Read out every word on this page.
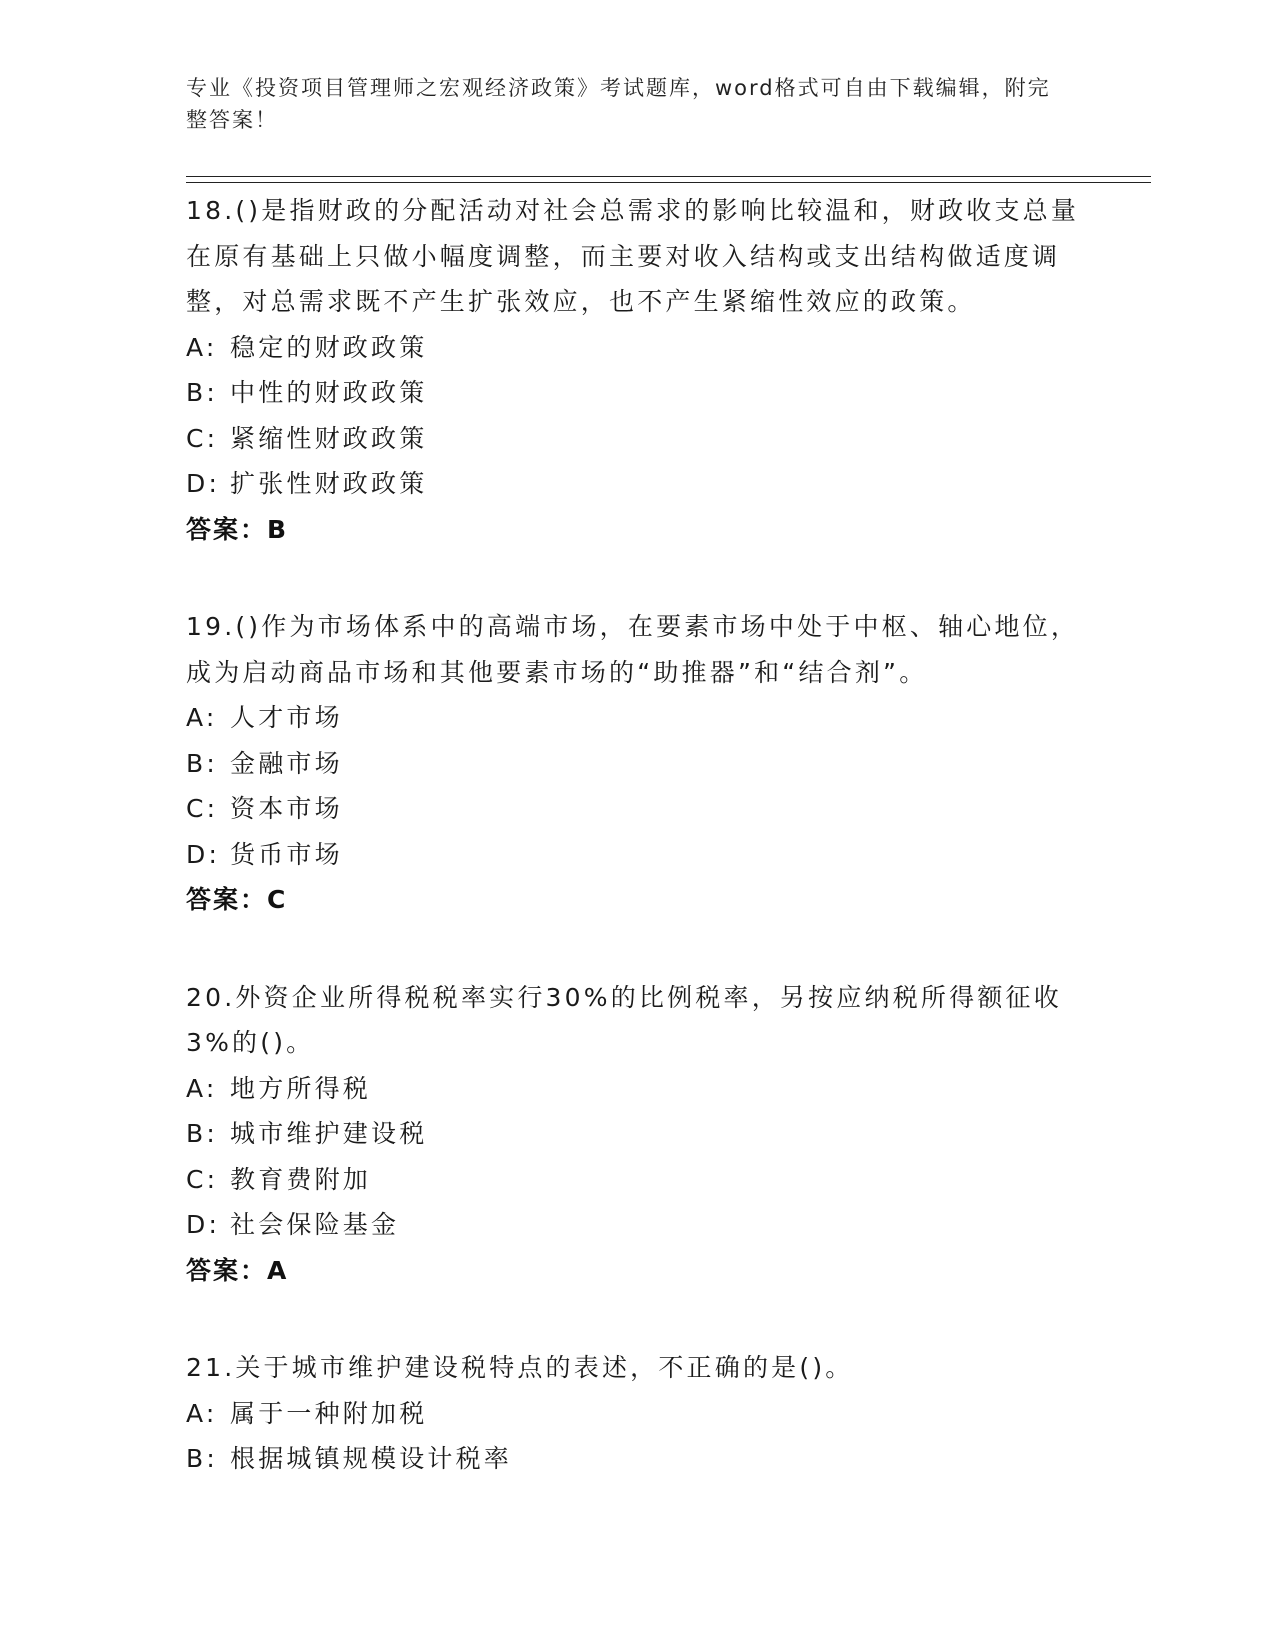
专业《投资项目管理师之宏观经济政策》考试题库，word格式可自由下载编辑，附完整答案！
18.()是指财政的分配活动对社会总需求的影响比较温和，财政收支总量在原有基础上只做小幅度调整，而主要对收入结构或支出结构做适度调整，对总需求既不产生扩张效应，也不产生紧缩性效应的政策。
A: 稳定的财政政策
B: 中性的财政政策
C: 紧缩性财政政策
D: 扩张性财政政策
答案：B
19.()作为市场体系中的高端市场，在要素市场中处于中枢、轴心地位，成为启动商品市场和其他要素市场的“助推器”和“结合剂”。
A: 人才市场
B: 金融市场
C: 资本市场
D: 货币市场
答案：C
20.外资企业所得税税率实行30%的比例税率，另按应纳税所得额征收3%的()。
A: 地方所得税
B: 城市维护建设税
C: 教育费附加
D: 社会保险基金
答案：A
21.关于城市维护建设税特点的表述，不正确的是()。
A: 属于一种附加税
B: 根据城镇规模设计税率
